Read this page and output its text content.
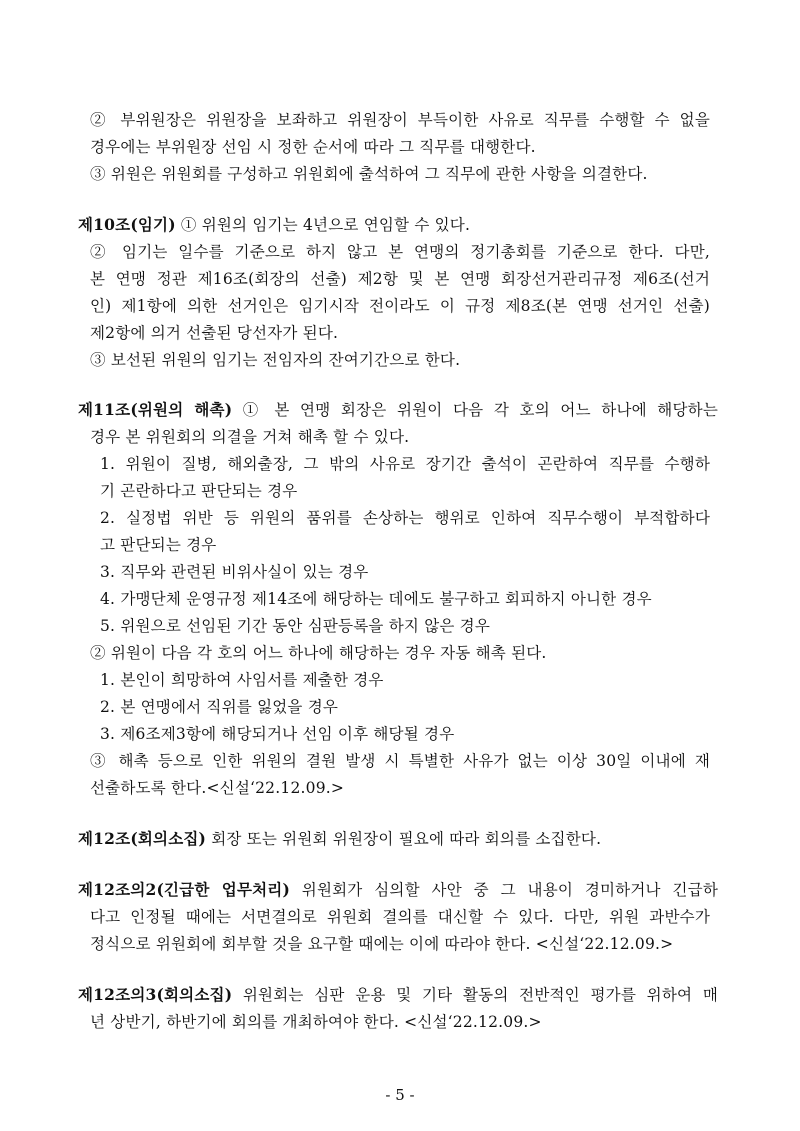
② 부위원장은 위원장을 보좌하고 위원장이 부득이한 사유로 직무를 수행할 수 없을
경우에는 부위원장 선임 시 정한 순서에 따라 그 직무를 대행한다.
③ 위원은 위원회를 구성하고 위원회에 출석하여 그 직무에 관한 사항을 의결한다.
제10조(임기) ① 위원의 임기는 4년으로 연임할 수 있다.
② 임기는 일수를 기준으로 하지 않고 본 연맹의 정기총회를 기준으로 한다. 다만,
본 연맹 정관 제16조(회장의 선출) 제2항 및 본 연맹 회장선거관리규정 제6조(선거
인) 제1항에 의한 선거인은 임기시작 전이라도 이 규정 제8조(본 연맹 선거인 선출)
제2항에 의거 선출된 당선자가 된다.
③ 보선된 위원의 임기는 전임자의 잔여기간으로 한다.
제11조(위원의 해촉) ① 본 연맹 회장은 위원이 다음 각 호의 어느 하나에 해당하는
경우 본 위원회의 의결을 거쳐 해촉 할 수 있다.
1. 위원이 질병, 해외출장, 그 밖의 사유로 장기간 출석이 곤란하여 직무를 수행하
기 곤란하다고 판단되는 경우
2. 실정법 위반 등 위원의 품위를 손상하는 행위로 인하여 직무수행이 부적합하다
고 판단되는 경우
3. 직무와 관련된 비위사실이 있는 경우
4. 가맹단체 운영규정 제14조에 해당하는 데에도 불구하고 회피하지 아니한 경우
5. 위원으로 선임된 기간 동안 심판등록을 하지 않은 경우
② 위원이 다음 각 호의 어느 하나에 해당하는 경우 자동 해촉 된다.
1. 본인이 희망하여 사임서를 제출한 경우
2. 본 연맹에서 직위를 잃었을 경우
3. 제6조제3항에 해당되거나 선임 이후 해당될 경우
③ 해촉 등으로 인한 위원의 결원 발생 시 특별한 사유가 없는 이상 30일 이내에 재
선출하도록 한다.<신설‘22.12.09.>
제12조(회의소집) 회장 또는 위원회 위원장이 필요에 따라 회의를 소집한다.
제12조의2(긴급한 업무처리) 위원회가 심의할 사안 중 그 내용이 경미하거나 긴급하
다고 인정될 때에는 서면결의로 위원회 결의를 대신할 수 있다. 다만, 위원 과반수가
정식으로 위원회에 회부할 것을 요구할 때에는 이에 따라야 한다. <신설‘22.12.09.>
제12조의3(회의소집) 위원회는 심판 운용 및 기타 활동의 전반적인 평가를 위하여 매
년 상반기, 하반기에 회의를 개최하여야 한다. <신설‘22.12.09.>
- 5 -
